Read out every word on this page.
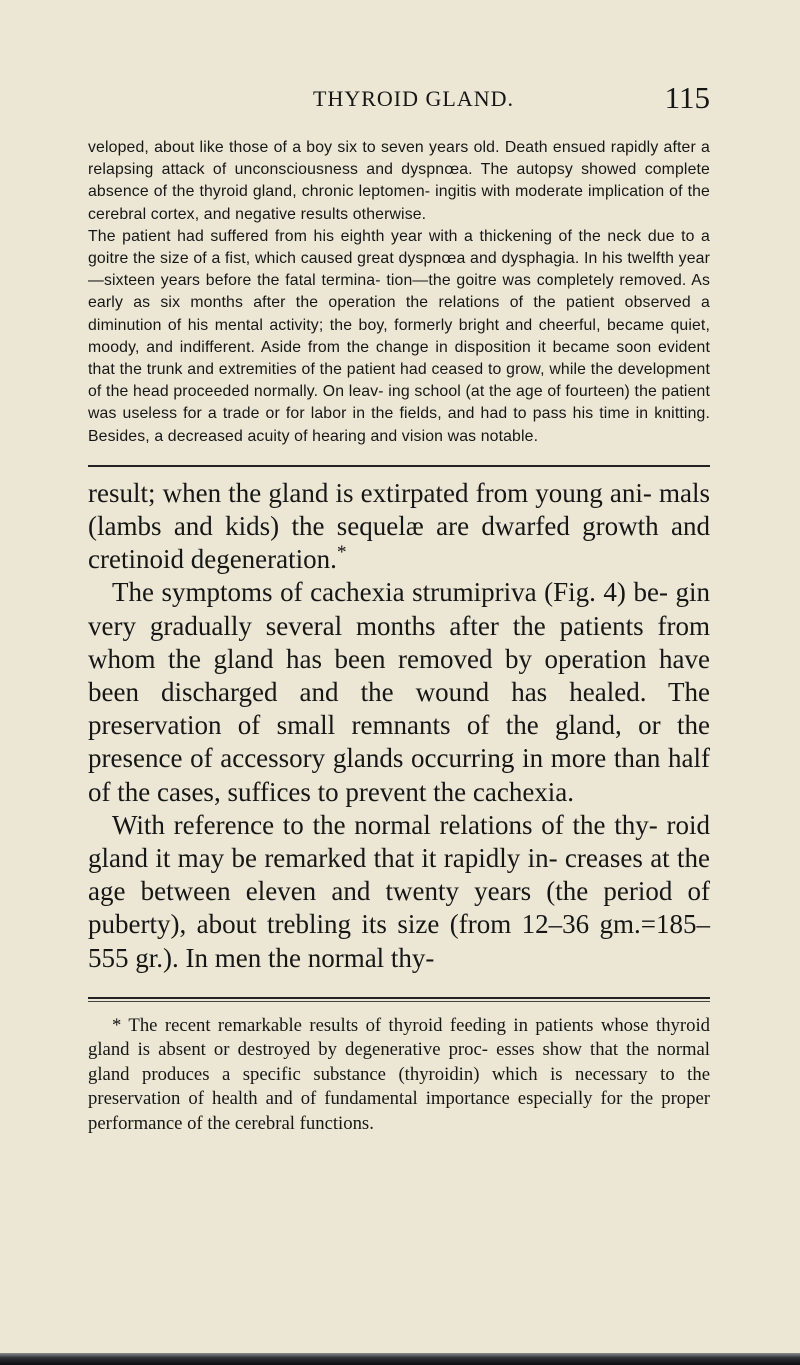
THYROID GLAND.	115

veloped, about like those of a boy six to seven years old. Death ensued rapidly after a relapsing attack of unconsciousness and dyspnœa. The autopsy showed complete absence of the thyroid gland, chronic leptomen- ingitis with moderate implication of the cerebral cortex, and negative results otherwise.

The patient had suffered from his eighth year with a thickening of the neck due to a goitre the size of a fist, which caused great dyspnœa and dysphagia. In his twelfth year—sixteen years before the fatal termina- tion—the goitre was completely removed. As early as six months after the operation the relations of the patient observed a diminution of his mental activity; the boy, formerly bright and cheerful, became quiet, moody, and indifferent. Aside from the change in disposition it became soon evident that the trunk and extremities of the patient had ceased to grow, while the development of the head proceeded normally. On leav- ing school (at the age of fourteen) the patient was useless for a trade or for labor in the fields, and had to pass his time in knitting. Besides, a decreased acuity of hearing and vision was notable.

result; when the gland is extirpated from young ani- mals (lambs and kids) the sequelæ are dwarfed growth and cretinoid degeneration.*

The symptoms of cachexia strumipriva (Fig. 4) be- gin very gradually several months after the patients from whom the gland has been removed by operation have been discharged and the wound has healed. The preservation of small remnants of the gland, or the presence of accessory glands occurring in more than half of the cases, suffices to prevent the cachexia.

With reference to the normal relations of the thy- roid gland it may be remarked that it rapidly in- creases at the age between eleven and twenty years (the period of puberty), about trebling its size (from 12–36 gm.=185–555 gr.). In men the normal thy-

* The recent remarkable results of thyroid feeding in patients whose thyroid gland is absent or destroyed by degenerative proc- esses show that the normal gland produces a specific substance (thyroidin) which is necessary to the preservation of health and of fundamental importance especially for the proper performance of the cerebral functions.
